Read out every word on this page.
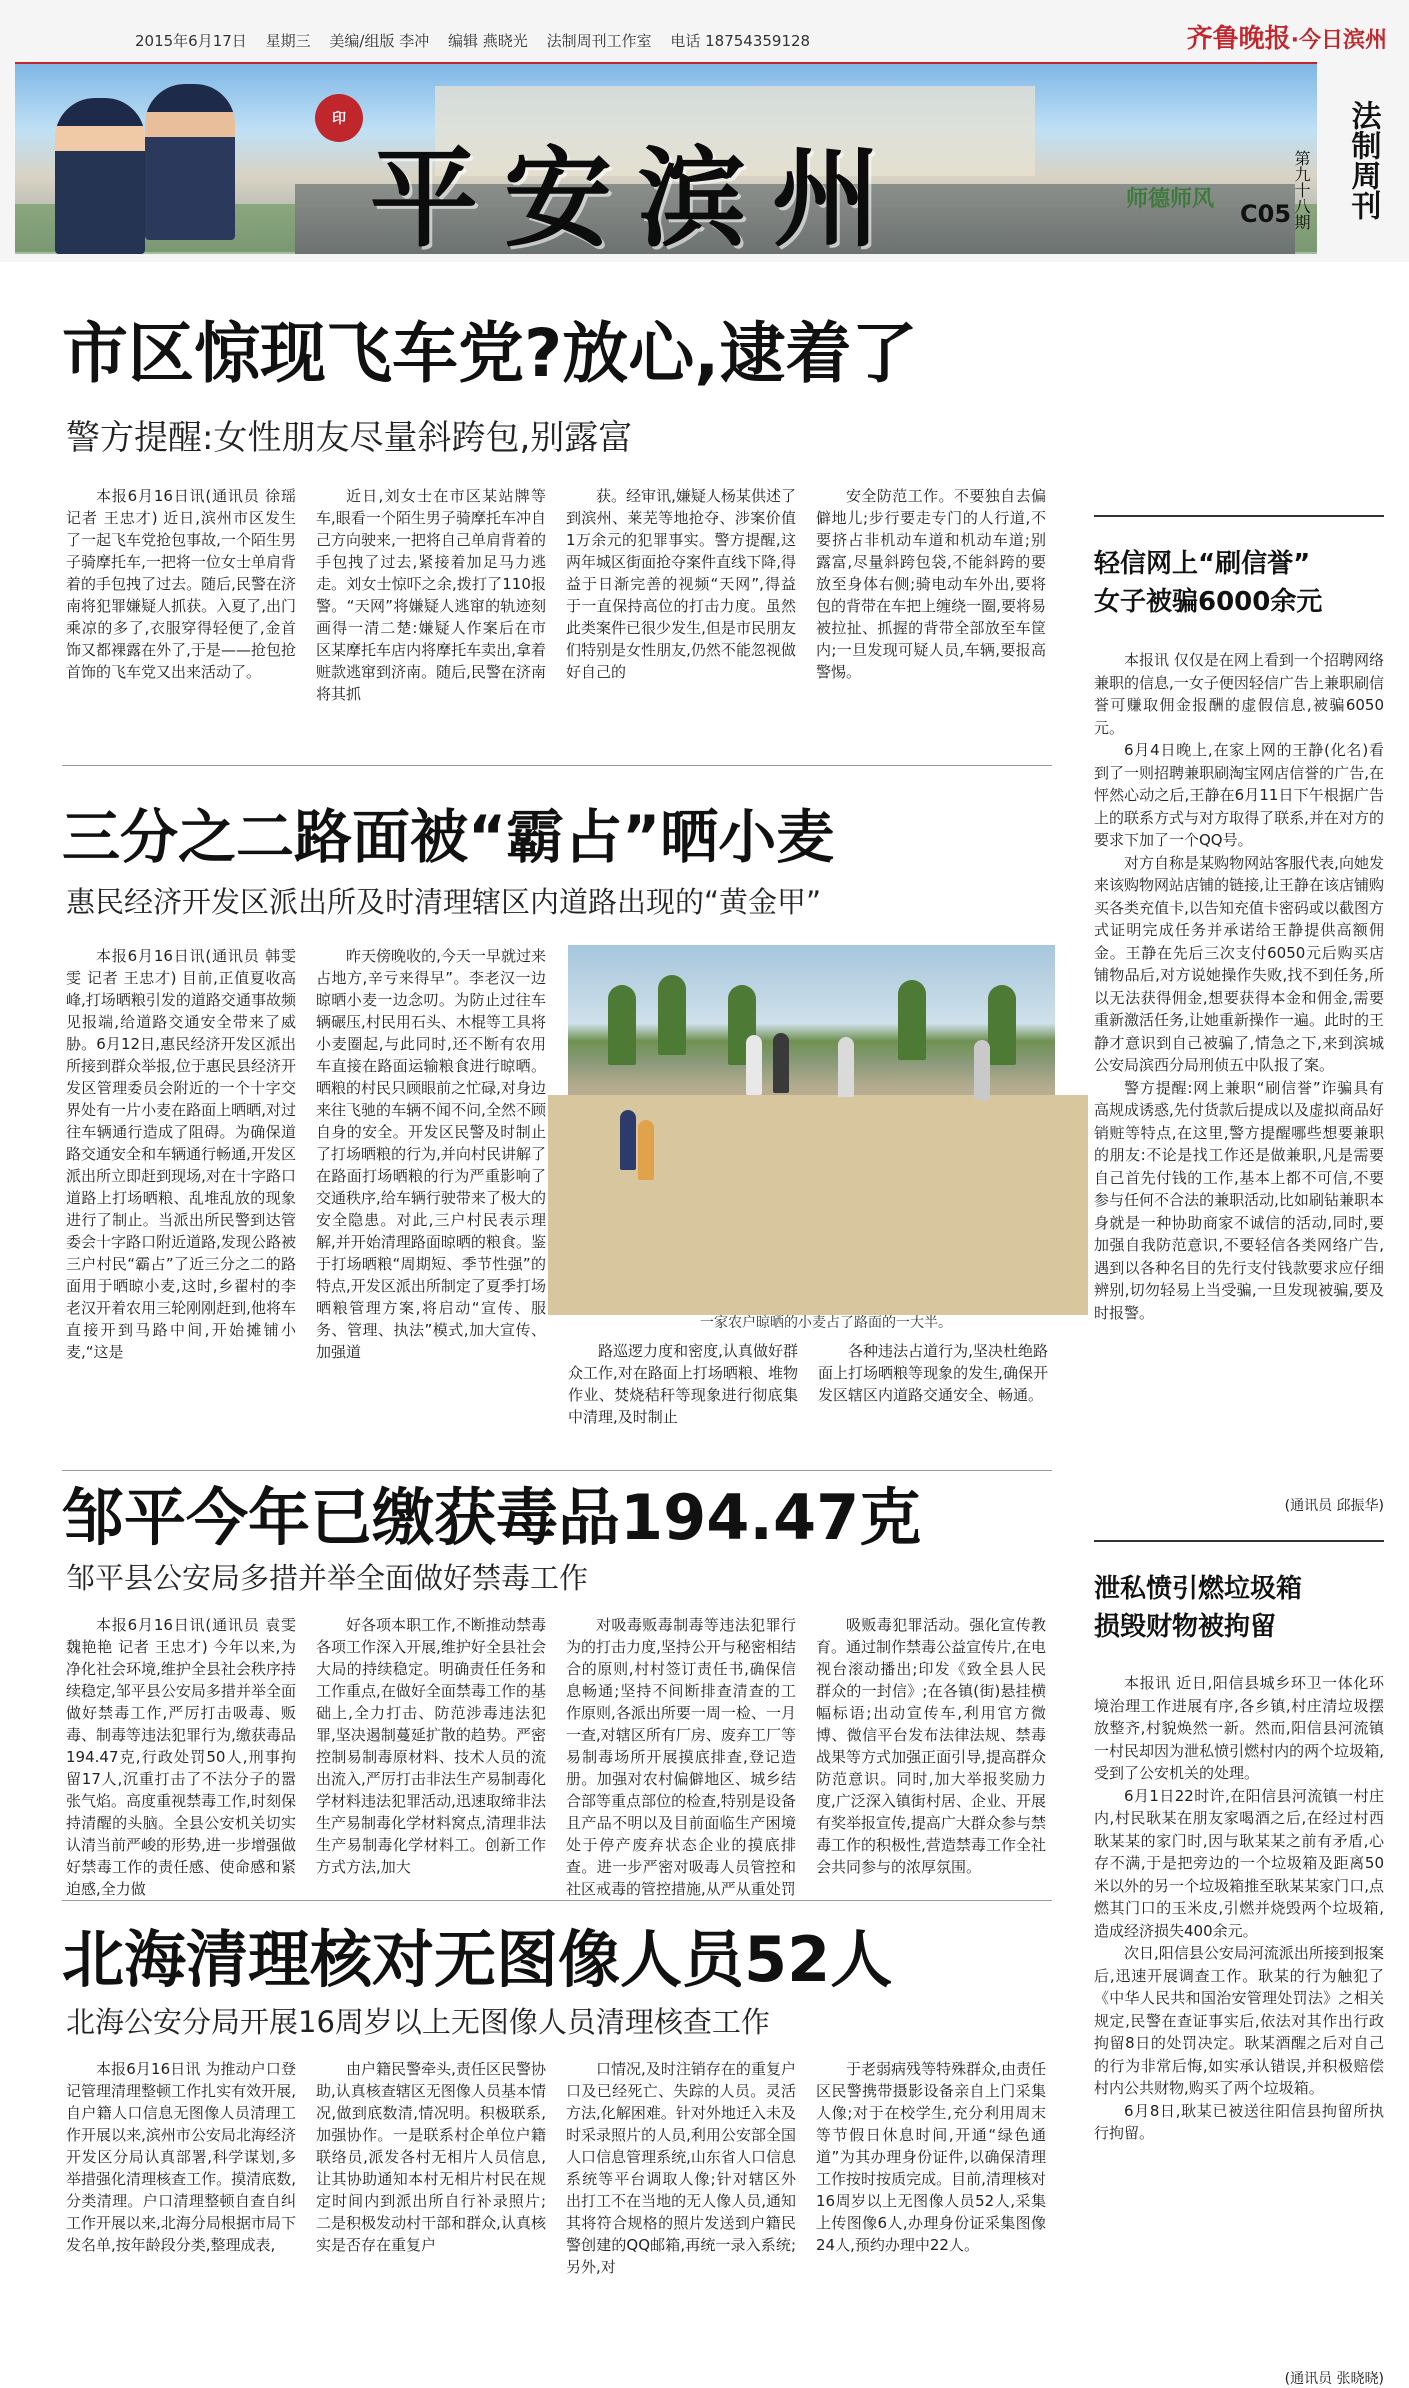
2015年6月17日 星期三 美编/组版 李冲 编辑 燕晓光 法制周刊工作室 电话 18754359128	齐鲁晚报·今日滨州
印
平安滨州	师德师风	法制周刊
第九十八期
C05
市区惊现飞车党?放心,逮着了
警方提醒:女性朋友尽量斜跨包,别露富

本报6月16日讯(通讯员 徐瑶 记者 王忠才) 近日,滨州市区发生了一起飞车党抢包事故,一个陌生男子骑摩托车,一把将一位女士单肩背着的手包拽了过去。随后,民警在济南将犯罪嫌疑人抓获。入夏了,出门乘凉的多了,衣服穿得轻便了,金首饰又都裸露在外了,于是——抢包抢首饰的飞车党又出来活动了。

近日,刘女士在市区某站牌等车,眼看一个陌生男子骑摩托车冲自己方向驶来,一把将自己单肩背着的手包拽了过去,紧接着加足马力逃走。刘女士惊吓之余,拨打了110报警。“天网”将嫌疑人逃窜的轨迹刻画得一清二楚:嫌疑人作案后在市区某摩托车店内将摩托车卖出,拿着赃款逃窜到济南。随后,民警在济南将其抓

获。经审讯,嫌疑人杨某供述了到滨州、莱芜等地抢夺、涉案价值1万余元的犯罪事实。警方提醒,这两年城区街面抢夺案件直线下降,得益于日渐完善的视频“天网”,得益于一直保持高位的打击力度。虽然此类案件已很少发生,但是市民朋友们特别是女性朋友,仍然不能忽视做好自己的

安全防范工作。不要独自去偏僻地儿;步行要走专门的人行道,不要挤占非机动车道和机动车道;别露富,尽量斜跨包袋,不能斜跨的要放至身体右侧;骑电动车外出,要将包的背带在车把上缠绕一圈,要将易被拉扯、抓握的背带全部放至车筐内;一旦发现可疑人员,车辆,要报高警惕。

三分之二路面被“霸占”晒小麦
惠民经济开发区派出所及时清理辖区内道路出现的“黄金甲”

本报6月16日讯(通讯员 韩雯雯 记者 王忠才) 目前,正值夏收高峰,打场晒粮引发的道路交通事故频见报端,给道路交通安全带来了威胁。6月12日,惠民经济开发区派出所接到群众举报,位于惠民县经济开发区管理委员会附近的一个十字交界处有一片小麦在路面上晒晒,对过往车辆通行造成了阻碍。为确保道路交通安全和车辆通行畅通,开发区派出所立即赶到现场,对在十字路口道路上打场晒粮、乱堆乱放的现象进行了制止。当派出所民警到达管委会十字路口附近道路,发现公路被三户村民“霸占”了近三分之二的路面用于晒晾小麦,这时,乡翟村的李老汉开着农用三轮刚刚赶到,他将车直接开到马路中间,开始摊铺小麦,“这是

昨天傍晚收的,今天一早就过来占地方,辛亏来得早”。李老汉一边晾晒小麦一边念叨。为防止过往车辆碾压,村民用石头、木棍等工具将小麦圈起,与此同时,还不断有农用车直接在路面运输粮食进行晾晒。晒粮的村民只顾眼前之忙碌,对身边来往飞驰的车辆不闻不问,全然不顾自身的安全。开发区民警及时制止了打场晒粮的行为,并向村民讲解了在路面打场晒粮的行为严重影响了交通秩序,给车辆行驶带来了极大的安全隐患。对此,三户村民表示理解,并开始清理路面晾晒的粮食。鉴于打场晒粮“周期短、季节性强”的特点,开发区派出所制定了夏季打场晒粮管理方案,将启动“宣传、服务、管理、执法”模式,加大宣传、加强道

一家农户晾晒的小麦占了路面的一大半。

路巡逻力度和密度,认真做好群众工作,对在路面上打场晒粮、堆物作业、焚烧秸秆等现象进行彻底集中清理,及时制止

各种违法占道行为,坚决杜绝路面上打场晒粮等现象的发生,确保开发区辖区内道路交通安全、畅通。

邹平今年已缴获毒品194.47克
邹平县公安局多措并举全面做好禁毒工作

本报6月16日讯(通讯员 袁雯 魏艳艳 记者 王忠才) 今年以来,为净化社会环境,维护全县社会秩序持续稳定,邹平县公安局多措并举全面做好禁毒工作,严厉打击吸毒、贩毒、制毒等违法犯罪行为,缴获毒品194.47克,行政处罚50人,刑事拘留17人,沉重打击了不法分子的嚣张气焰。高度重视禁毒工作,时刻保持清醒的头脑。全县公安机关切实认清当前严峻的形势,进一步增强做好禁毒工作的责任感、使命感和紧迫感,全力做

好各项本职工作,不断推动禁毒各项工作深入开展,维护好全县社会大局的持续稳定。明确责任任务和工作重点,在做好全面禁毒工作的基础上,全力打击、防范涉毒违法犯罪,坚决遏制蔓延扩散的趋势。严密控制易制毒原材料、技术人员的流出流入,严厉打击非法生产易制毒化学材料违法犯罪活动,迅速取缔非法生产易制毒化学材料窝点,清理非法生产易制毒化学材料工。创新工作方式方法,加大

对吸毒贩毒制毒等违法犯罪行为的打击力度,坚持公开与秘密相结合的原则,村村签订责任书,确保信息畅通;坚持不间断排查清查的工作原则,各派出所要一周一检、一月一查,对辖区所有厂房、废弃工厂等易制毒场所开展摸底排查,登记造册。加强对农村偏僻地区、城乡结合部等重点部位的检查,特别是设备且产品不明以及目前面临生产困境处于停产废弃状态企业的摸底排查。进一步严密对吸毒人员管控和社区戒毒的管控措施,从严从重处罚

吸贩毒犯罪活动。强化宣传教育。通过制作禁毒公益宣传片,在电视台滚动播出;印发《致全县人民群众的一封信》;在各镇(街)悬挂横幅标语;出动宣传车,利用官方微博、微信平台发布法律法规、禁毒战果等方式加强正面引导,提高群众防范意识。同时,加大举报奖励力度,广泛深入镇街村居、企业、开展有奖举报宣传,提高广大群众参与禁毒工作的积极性,营造禁毒工作全社会共同参与的浓厚氛围。

北海清理核对无图像人员52人
北海公安分局开展16周岁以上无图像人员清理核查工作

本报6月16日讯 为推动户口登记管理清理整顿工作扎实有效开展,自户籍人口信息无图像人员清理工作开展以来,滨州市公安局北海经济开发区分局认真部署,科学谋划,多举措强化清理核查工作。摸清底数,分类清理。户口清理整顿自查自纠工作开展以来,北海分局根据市局下发名单,按年龄段分类,整理成表,

由户籍民警牵头,责任区民警协助,认真核查辖区无图像人员基本情况,做到底数清,情况明。积极联系,加强协作。一是联系村企单位户籍联络员,派发各村无相片人员信息,让其协助通知本村无相片村民在规定时间内到派出所自行补录照片;二是积极发动村干部和群众,认真核实是否存在重复户

口情况,及时注销存在的重复户口及已经死亡、失踪的人员。灵活方法,化解困难。针对外地迁入未及时采录照片的人员,利用公安部全国人口信息管理系统,山东省人口信息系统等平台调取人像;针对辖区外出打工不在当地的无人像人员,通知其将符合规格的照片发送到户籍民警创建的QQ邮箱,再统一录入系统;另外,对

于老弱病残等特殊群众,由责任区民警携带摄影设备亲自上门采集人像;对于在校学生,充分利用周末等节假日休息时间,开通“绿色通道”为其办理身份证件,以确保清理工作按时按质完成。目前,清理核对16周岁以上无图像人员52人,采集上传图像6人,办理身份证采集图像24人,预约办理中22人。

轻信网上“刷信誉”
女子被骗6000余元

本报讯 仅仅是在网上看到一个招聘网络兼职的信息,一女子便因轻信广告上兼职刷信誉可赚取佣金报酬的虚假信息,被骗6050元。

6月4日晚上,在家上网的王静(化名)看到了一则招聘兼职刷淘宝网店信誉的广告,在怦然心动之后,王静在6月11日下午根据广告上的联系方式与对方取得了联系,并在对方的要求下加了一个QQ号。

对方自称是某购物网站客服代表,向她发来该购物网站店铺的链接,让王静在该店铺购买各类充值卡,以告知充值卡密码或以截图方式证明完成任务并承诺给王静提供高额佣金。王静在先后三次支付6050元后购买店铺物品后,对方说她操作失败,找不到任务,所以无法获得佣金,想要获得本金和佣金,需要重新激活任务,让她重新操作一遍。此时的王静才意识到自己被骗了,情急之下,来到滨城公安局滨西分局刑侦五中队报了案。

警方提醒:网上兼职“刷信誉”诈骗具有高规成诱惑,先付货款后提成以及虚拟商品好销赃等特点,在这里,警方提醒哪些想要兼职的朋友:不论是找工作还是做兼职,凡是需要自己首先付钱的工作,基本上都不可信,不要参与任何不合法的兼职活动,比如刷钻兼职本身就是一种协助商家不诚信的活动,同时,要加强自我防范意识,不要轻信各类网络广告,遇到以各种名目的先行支付钱款要求应仔细辨别,切勿轻易上当受骗,一旦发现被骗,要及时报警。

(通讯员 邱振华)
泄私愤引燃垃圾箱
损毁财物被拘留

本报讯 近日,阳信县城乡环卫一体化环境治理工作进展有序,各乡镇,村庄清垃圾摆放整齐,村貌焕然一新。然而,阳信县河流镇一村民却因为泄私愤引燃村内的两个垃圾箱,受到了公安机关的处理。

6月1日22时许,在阳信县河流镇一村庄内,村民耿某在朋友家喝酒之后,在经过村西耿某某的家门时,因与耿某某之前有矛盾,心存不满,于是把旁边的一个垃圾箱及距离50米以外的另一个垃圾箱推至耿某某家门口,点燃其门口的玉米皮,引燃并烧毁两个垃圾箱,造成经济损失400余元。

次日,阳信县公安局河流派出所接到报案后,迅速开展调查工作。耿某的行为触犯了《中华人民共和国治安管理处罚法》之相关规定,民警在查证事实后,依法对其作出行政拘留8日的处罚决定。耿某酒醒之后对自己的行为非常后悔,如实承认错误,并积极赔偿村内公共财物,购买了两个垃圾箱。

6月8日,耿某已被送往阳信县拘留所执行拘留。

(通讯员 张晓晓)
